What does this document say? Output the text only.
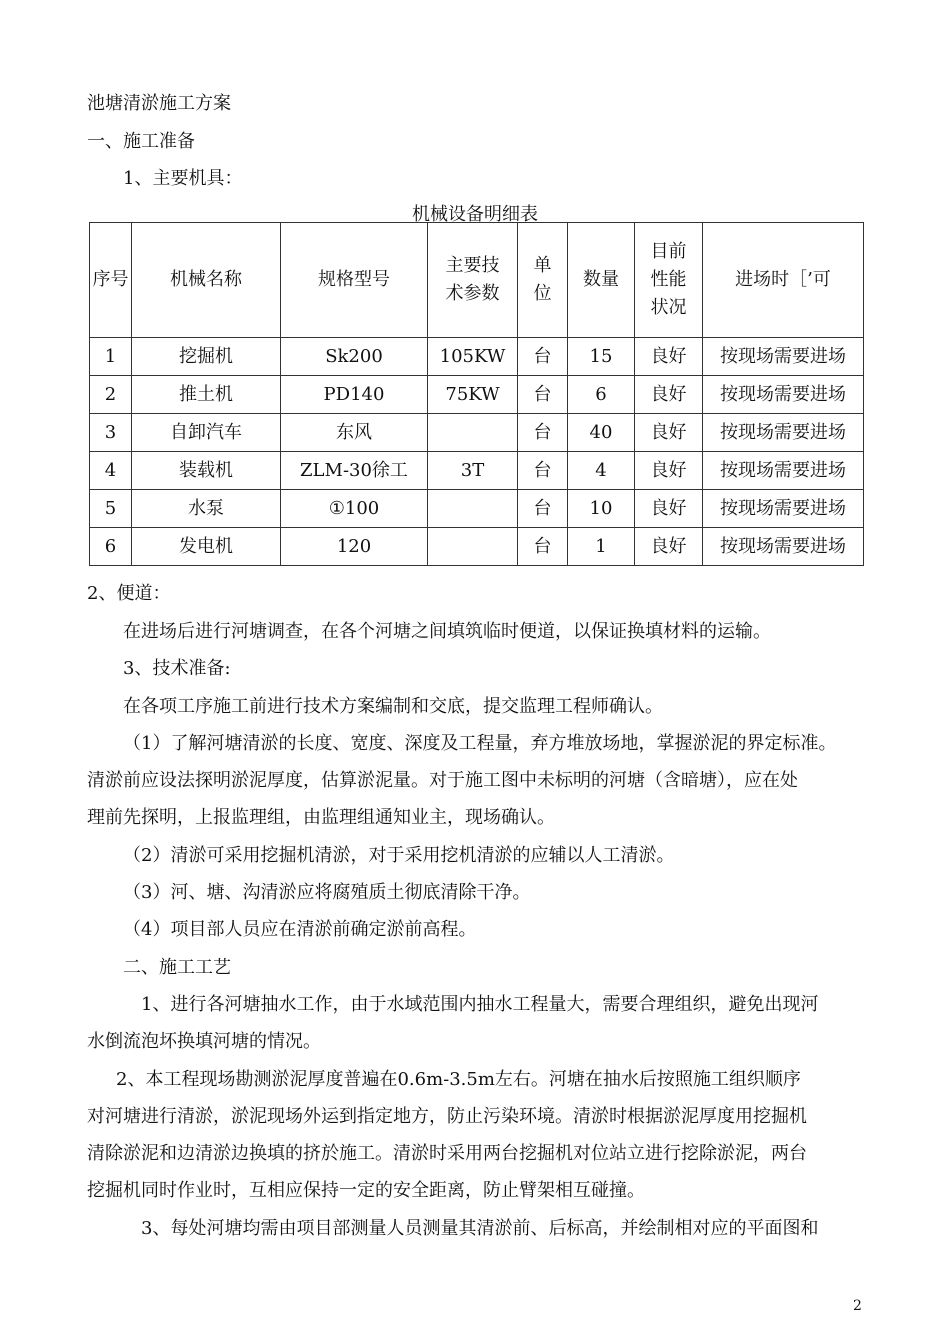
池塘清淤施工方案
一、施工准备
1、主要机具：
机械设备明细表
序号	机械名称	规格型号	主要技术参数	单位	数量	目前性能状况	进场时［’可
1	挖掘机	Sk200	105KW	台	15	良好	按现场需要进场
2	推土机	PD140	75KW	台	6	良好	按现场需要进场
3	自卸汽车	东风		台	40	良好	按现场需要进场
4	装载机	ZLM-30徐工	3T	台	4	良好	按现场需要进场
5	水泵	①100		台	10	良好	按现场需要进场
6	发电机	120		台	1	良好	按现场需要进场
2、便道：
在进场后进行河塘调查，在各个河塘之间填筑临时便道，以保证换填材料的运输。
3、技术准备:
在各项工序施工前进行技术方案编制和交底，提交监理工程师确认。
（1）了解河塘清淤的长度、宽度、深度及工程量，弃方堆放场地，掌握淤泥的界定标准。
清淤前应设法探明淤泥厚度，估算淤泥量。对于施工图中未标明的河塘（含暗塘），应在处
理前先探明，上报监理组，由监理组通知业主，现场确认。
（2）清淤可采用挖掘机清淤，对于采用挖机清淤的应辅以人工清淤。
（3）河、塘、沟清淤应将腐殖质土彻底清除干净。
（4）项目部人员应在清淤前确定淤前高程。
二、施工工艺
1、进行各河塘抽水工作，由于水域范围内抽水工程量大，需要合理组织，避免出现河
水倒流泡坏换填河塘的情况。
2、本工程现场勘测淤泥厚度普遍在0.6m-3.5m左右。河塘在抽水后按照施工组织顺序
对河塘进行清淤，淤泥现场外运到指定地方，防止污染环境。清淤时根据淤泥厚度用挖掘机
清除淤泥和边清淤边换填的挤於施工。清淤时采用两台挖掘机对位站立进行挖除淤泥，两台
挖掘机同时作业时，互相应保持一定的安全距离，防止臂架相互碰撞。
3、每处河塘均需由项目部测量人员测量其清淤前、后标高，并绘制相对应的平面图和
2
